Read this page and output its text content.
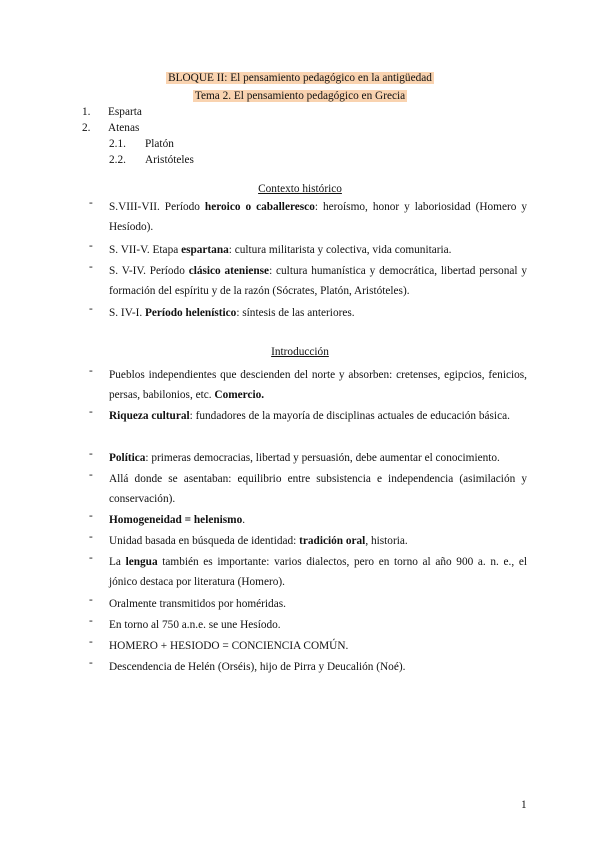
BLOQUE II: El pensamiento pedagógico en la antigüedad
Tema 2. El pensamiento pedagógico en Grecia
1. Esparta
2. Atenas
2.1. Platón
2.2. Aristóteles
Contexto histórico
- S.VIII-VII. Período heroico o caballeresco: heroísmo, honor y laboriosidad (Homero y Hesíodo).
- S. VII-V. Etapa espartana: cultura militarista y colectiva, vida comunitaria.
- S. V-IV. Período clásico ateniense: cultura humanística y democrática, libertad personal y formación del espíritu y de la razón (Sócrates, Platón, Aristóteles).
- S. IV-I. Período helenístico: síntesis de las anteriores.
Introducción
- Pueblos independientes que descienden del norte y absorben: cretenses, egipcios, fenicios, persas, babilonios, etc. Comercio.
- Riqueza cultural: fundadores de la mayoría de disciplinas actuales de educación básica.
- Política: primeras democracias, libertad y persuasión, debe aumentar el conocimiento.
- Allá donde se asentaban: equilibrio entre subsistencia e independencia (asimilación y conservación).
- Homogeneidad = helenismo.
- Unidad basada en búsqueda de identidad: tradición oral, historia.
- La lengua también es importante: varios dialectos, pero en torno al año 900 a. n. e., el jónico destaca por literatura (Homero).
- Oralmente transmitidos por homéridas.
- En torno al 750 a.n.e. se une Hesíodo.
- HOMERO + HESIODO = CONCIENCIA COMÚN.
- Descendencia de Helén (Orséis), hijo de Pirra y Deucalión (Noé).
1
